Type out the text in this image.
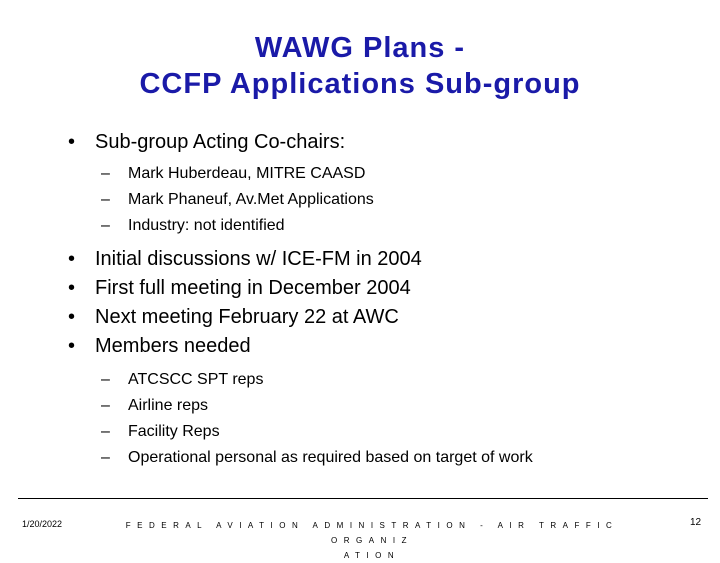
WAWG Plans -
CCFP Applications Sub-group
• Sub-group Acting Co-chairs:
– Mark Huberdeau, MITRE CAASD
– Mark Phaneuf, Av.Met Applications
– Industry: not identified
• Initial discussions w/ ICE-FM in 2004
• First full meeting in December 2004
• Next meeting February 22 at AWC
• Members needed
– ATCSCC SPT reps
– Airline reps
– Facility Reps
– Operational personal as required based on target of work
1/20/2022	FEDERAL AVIATION ADMINISTRATION - AIR TRAFFIC ORGANIZ
ATION
12
